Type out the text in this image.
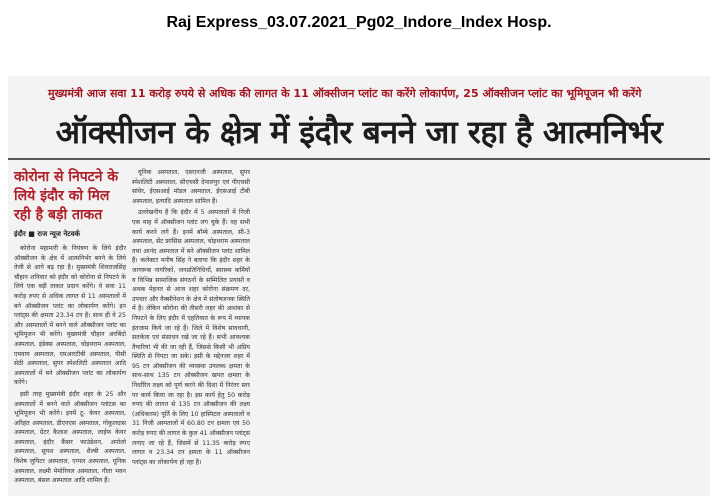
Raj Express_03.07.2021_Pg02_Indore_Index Hosp.
मुख्यमंत्री आज सवा 11 करोड़ रुपये से अधिक की लागत के 11 ऑक्सीजन प्लांट का करेंगे लोकार्पण, 25 ऑक्सीजन प्लांट का भूमिपूजन भी करेंगे
ऑक्सीजन के क्षेत्र में इंदौर बनने जा रहा है आत्मनिर्भर
कोरोना से निपटने के लिये इंदौर को मिल रही है बड़ी ताकत
इंदौर ■ राज न्यूज नेटवर्क

कोरोना महामारी के नियंत्रण के लिये इंदौर ऑक्सीजन के क्षेत्र में आत्मनिर्भर बनने के लिये तेजी से आगे बढ़ रहा है। मुख्यमंत्री शिवराजसिंह चौहान शनिवार को इंदौर को कोरोना से निपटने के लिये एक बड़ी ताकत प्रदान करेंगे। वे सवा 11 करोड़ रुपए से अधिक लागत से 11 अस्पतालों में बने ऑक्सीजन प्लांट का लोकार्पण करेंगे। इन प्लांट्स की क्षमता 23.34 टन है। साथ ही वे 25 और अस्पतालों में बनने वाले ऑक्सीजन प्लांट का भूमिपूजन भी करेंगे। मुख्यमंत्री चौहान अरबिंदो अस्पताल, इंडेक्स अस्पताल, चोइथराम अस्पताल, एमवाय अस्पताल, एमआरटीबी अस्पताल, पीसी सेठी अस्पताल, सुपर स्पेशलिटी अस्पताल आदि अस्पतालों में बने ऑक्सीजन प्लांट का लोकार्पण करेंगे।

इसी तरह मुख्यमंत्री इंदौर शहर के 25 और अस्पतालों में बनने वाले ऑक्सीजन प्लांटस का भूमिपूजन भी करेंगे। इनमें टू- केयर अस्पताल, अरिहंत अस्पताल, डीएनएस अस्पताल, गोकुलदास अस्पताल, ग्रेटर कैलाश अस्पताल, लाईफ केयर अस्पताल, इंदौर कैंसर फाउंडेशन, अपोलो अस्पताल, सुयश अस्पताल, शैल्बी अस्पताल, विशेष जुपिटर अस्पताल, एप्पल अस्पताल, यूनिक अस्पताल, लक्ष्मी मेमोरियल अस्पताल, गीता भवन अस्पताल, बंसल अस्पताल आदि शामिल हैं।

यूनिक अस्पताल, एसएनजी अस्पताल, सुपर स्पेशलिटी अस्पताल, सीएचसी देपालपुर एवं पीएचसी सांवेर, ईएसआई मॉडल अस्पताल, ईएसआई टीबी अस्पताल, इत्यादि अस्पताल शामिल हैं।

उल्लेखनीय है कि इंदौर में 5 अस्पतालों में निजी एक माह में ऑक्सीजन प्लांट लग चुके हैं। वह सभी कार्य करने लगे हैं। इनमें बॉम्बे अस्पताल, सी-3 अस्पताल, सेंट फ्रांसिस अस्पताल, चोइथराम अस्पताल तथा आनंद अस्पताल में बने ऑक्सीजन प्लांट शामिल हैं। कलेक्टर मनीष सिंह ने बताया कि इंदौर शहर के जागरूक नागरिकों, जनप्रतिनिधियों, स्वास्थ्य कर्मियों व विभिन्न सामाजिक संगठनों के सम्मिलित प्रयासों व अथक मेहनत से आज शहर कोरोना संक्रमण दर, उपचार और वैक्सीनेशन के क्षेत्र में संतोषजनक स्थिति में है। लेकिन कोरोना की तीसरी लहर की आशंका से निपटने के लिए इंदौर में एहतियात के रूप में व्यापक इंतजाम किये जा रहे हैं। जिले में विशेष सावधानी, सतर्कता एवं संसाधन रखे जा रहे हैं। सभी आवश्यक तैयारियां भी की जा रही हैं, जिससे किसी भी अप्रिय स्थिति से निपटा जा सके। इसी के मद्देनजर शहर में 95 टन ऑक्सीजन की व्यवस्था उपलब्ध क्षमता के साथ-साथ 135 टन ऑक्सीजन खपत क्षमता के निर्धारित लक्ष्य को पूर्ण करने की दिशा में निरंतर स्तर पर कार्य किया जा रहा है। इस कार्य हेतु 50 करोड़ रुपए की लागत से 135 टन ऑक्सीजन की लक्ष्य (अधिकतम) पूर्ति के लिए 10 हास्पिटल अस्पतालों व 31 निजी अस्पतालों में 60.80 टन क्षमता एवं 50 करोड़ रुपए की लागत के कुल 41 ऑक्सीजन प्लांट्स लगाए जा रहे हैं, जिसमें से 11.35 करोड़ रुपए लागत व 23.34 टन क्षमता के 11 ऑक्सीजन प्लांट्स का लोकार्पण हो रहा है।
